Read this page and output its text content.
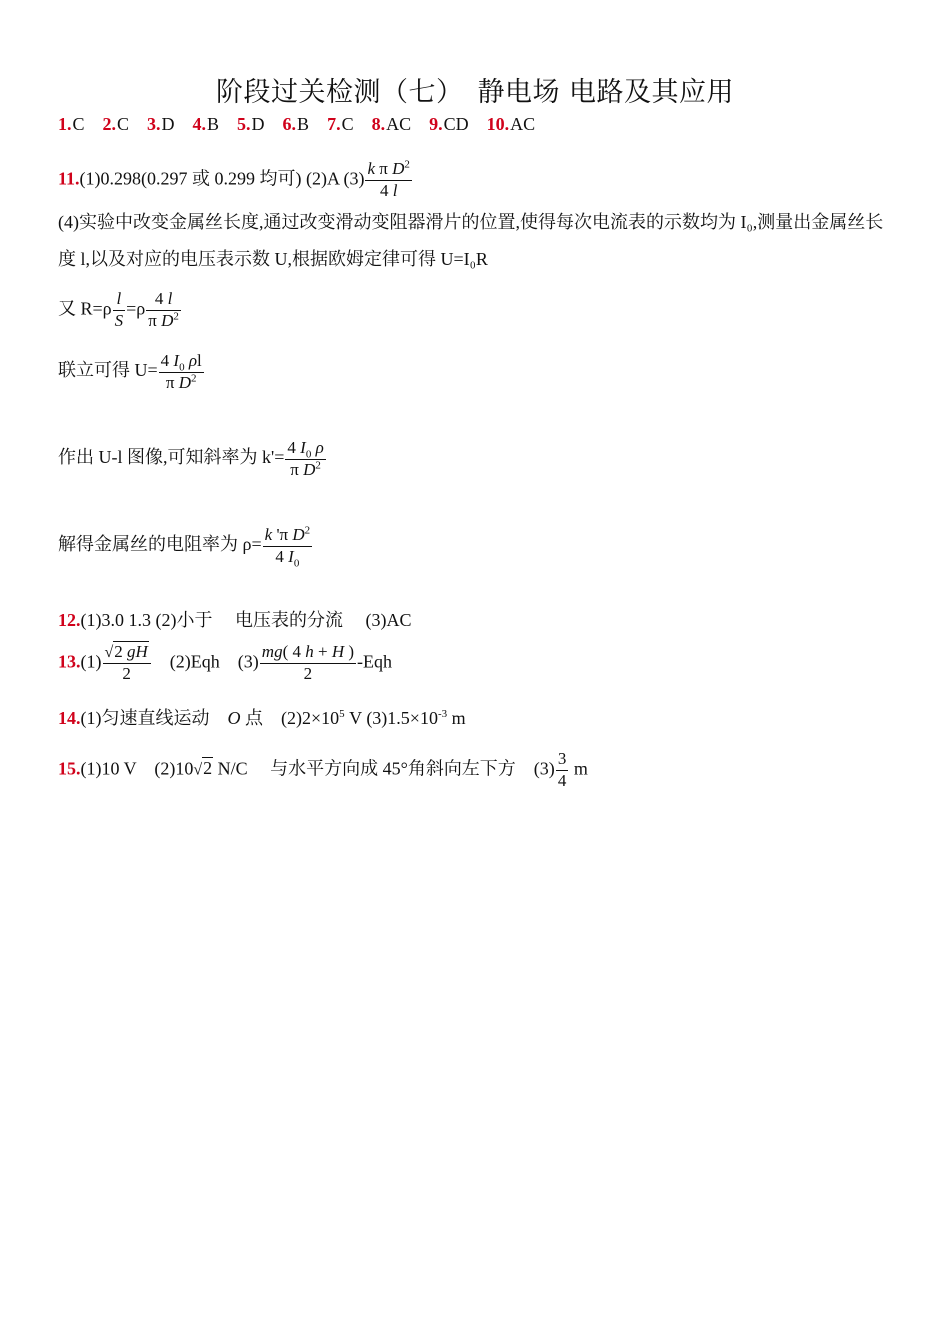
阶段过关检测（七）　静电场 电路及其应用
1.C 2.C 3.D 4.B 5.D 6.B 7.C 8.AC 9.CD 10.AC
11.(1)0.298(0.297 或 0.299 均可) (2)A $(3) \frac{k \pi D^2}{4 l}$
(4)实验中改变金属丝长度,通过改变滑动变阻器滑片的位置,使得每次电流表的示数均为 I₀,测量出金属丝长度 l,以及对应的电压表示数 U,根据欧姆定律可得 U=I₀R
又 $R=\rho \frac{l}{S} =\rho \frac{4 l}{\pi D^2}$
联立可得 $U= \frac{4 I_0 \rho l}{\pi D^2}$
作出 U-l 图像,可知斜率为 $k'= \frac{4 I_0 \rho}{\pi D^2}$
解得金属丝的电阻率为 $\rho= \frac{k '\pi D^2}{4 I_0}$
12.(1)3.0 1.3 (2)小于　 电压表的分流　 (3)AC
$13.(1) \frac{√2 gH}{2}$ 　(2)Eqh　$(3) \frac{mg( 4 h + H )}{2} -Eqh$
14.(1)匀速直线运动　O 点　$(2)2\times 10^5$ V $(3)1.5\times 10^{-3}$ m
15.(1)10 V　(2)10√2 N/C　 与水平方向成 45°角斜向左下方　$(3) \frac{3}{4}$ m
